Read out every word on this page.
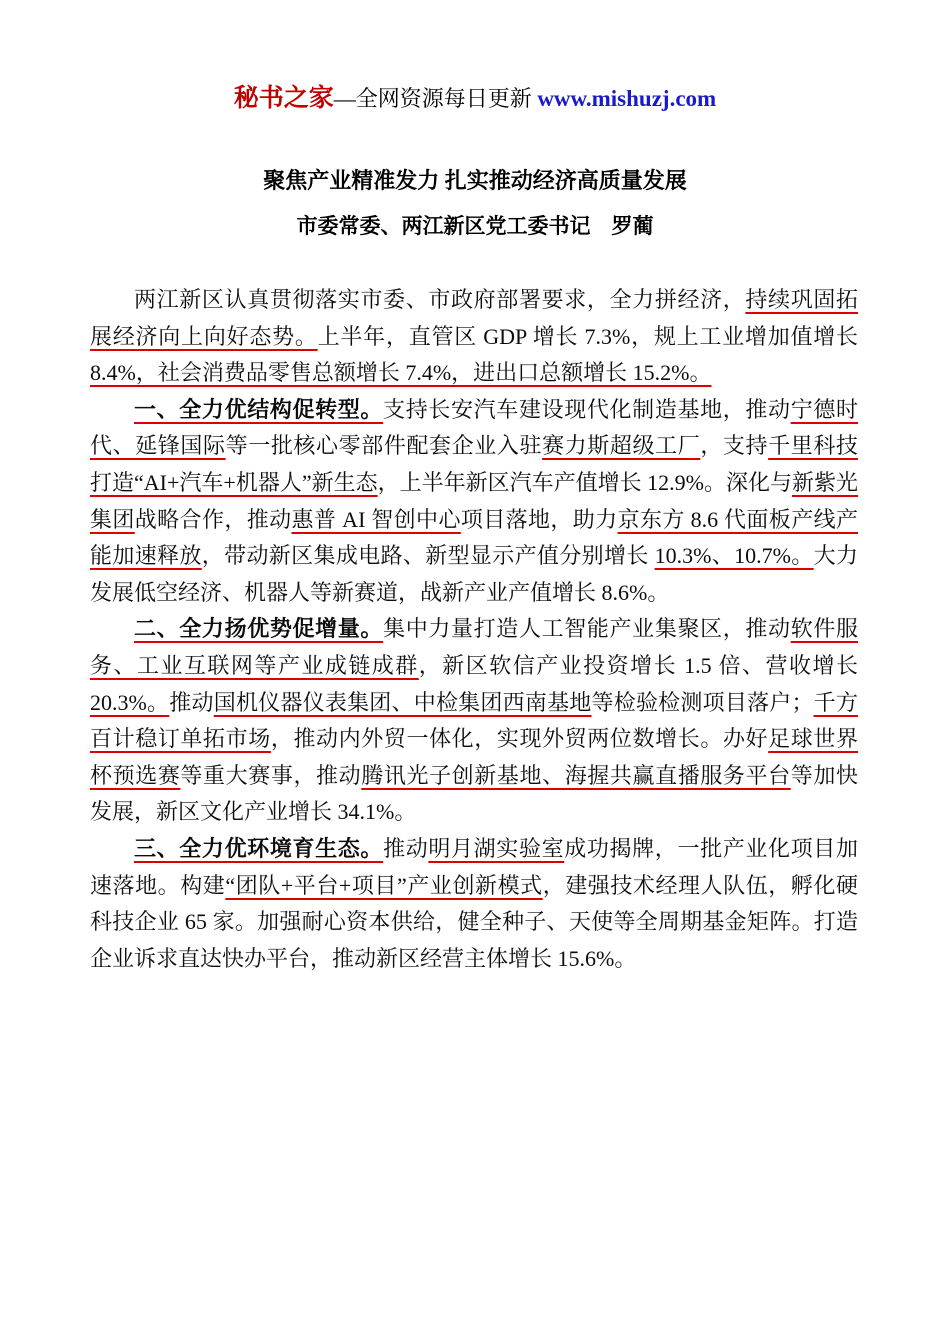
秘书之家—全网资源每日更新 www.mishuzj.com
聚焦产业精准发力 扎实推动经济高质量发展
市委常委、两江新区党工委书记　罗蔺

两江新区认真贯彻落实市委、市政府部署要求，全力拼经济，持续巩固拓展经济向上向好态势。上半年，直管区 GDP 增长 7.3%，规上工业增加值增长 8.4%，社会消费品零售总额增长 7.4%，进出口总额增长 15.2%。

一、全力优结构促转型。支持长安汽车建设现代化制造基地，推动宁德时代、延锋国际等一批核心零部件配套企业入驻赛力斯超级工厂，支持千里科技打造“AI+汽车+机器人”新生态，上半年新区汽车产值增长 12.9%。深化与新紫光集团战略合作，推动惠普 AI 智创中心项目落地，助力京东方 8.6 代面板产线产能加速释放，带动新区集成电路、新型显示产值分别增长 10.3%、10.7%。大力发展低空经济、机器人等新赛道，战新产业产值增长 8.6%。

二、全力扬优势促增量。集中力量打造人工智能产业集聚区，推动软件服务、工业互联网等产业成链成群，新区软信产业投资增长 1.5 倍、营收增长 20.3%。推动国机仪器仪表集团、中检集团西南基地等检验检测项目落户；千方百计稳订单拓市场，推动内外贸一体化，实现外贸两位数增长。办好足球世界杯预选赛等重大赛事，推动腾讯光子创新基地、海握共赢直播服务平台等加快发展，新区文化产业增长 34.1%。

三、全力优环境育生态。推动明月湖实验室成功揭牌，一批产业化项目加速落地。构建“团队+平台+项目”产业创新模式，建强技术经理人队伍，孵化硬科技企业 65 家。加强耐心资本供给，健全种子、天使等全周期基金矩阵。打造企业诉求直达快办平台，推动新区经营主体增长 15.6%。
